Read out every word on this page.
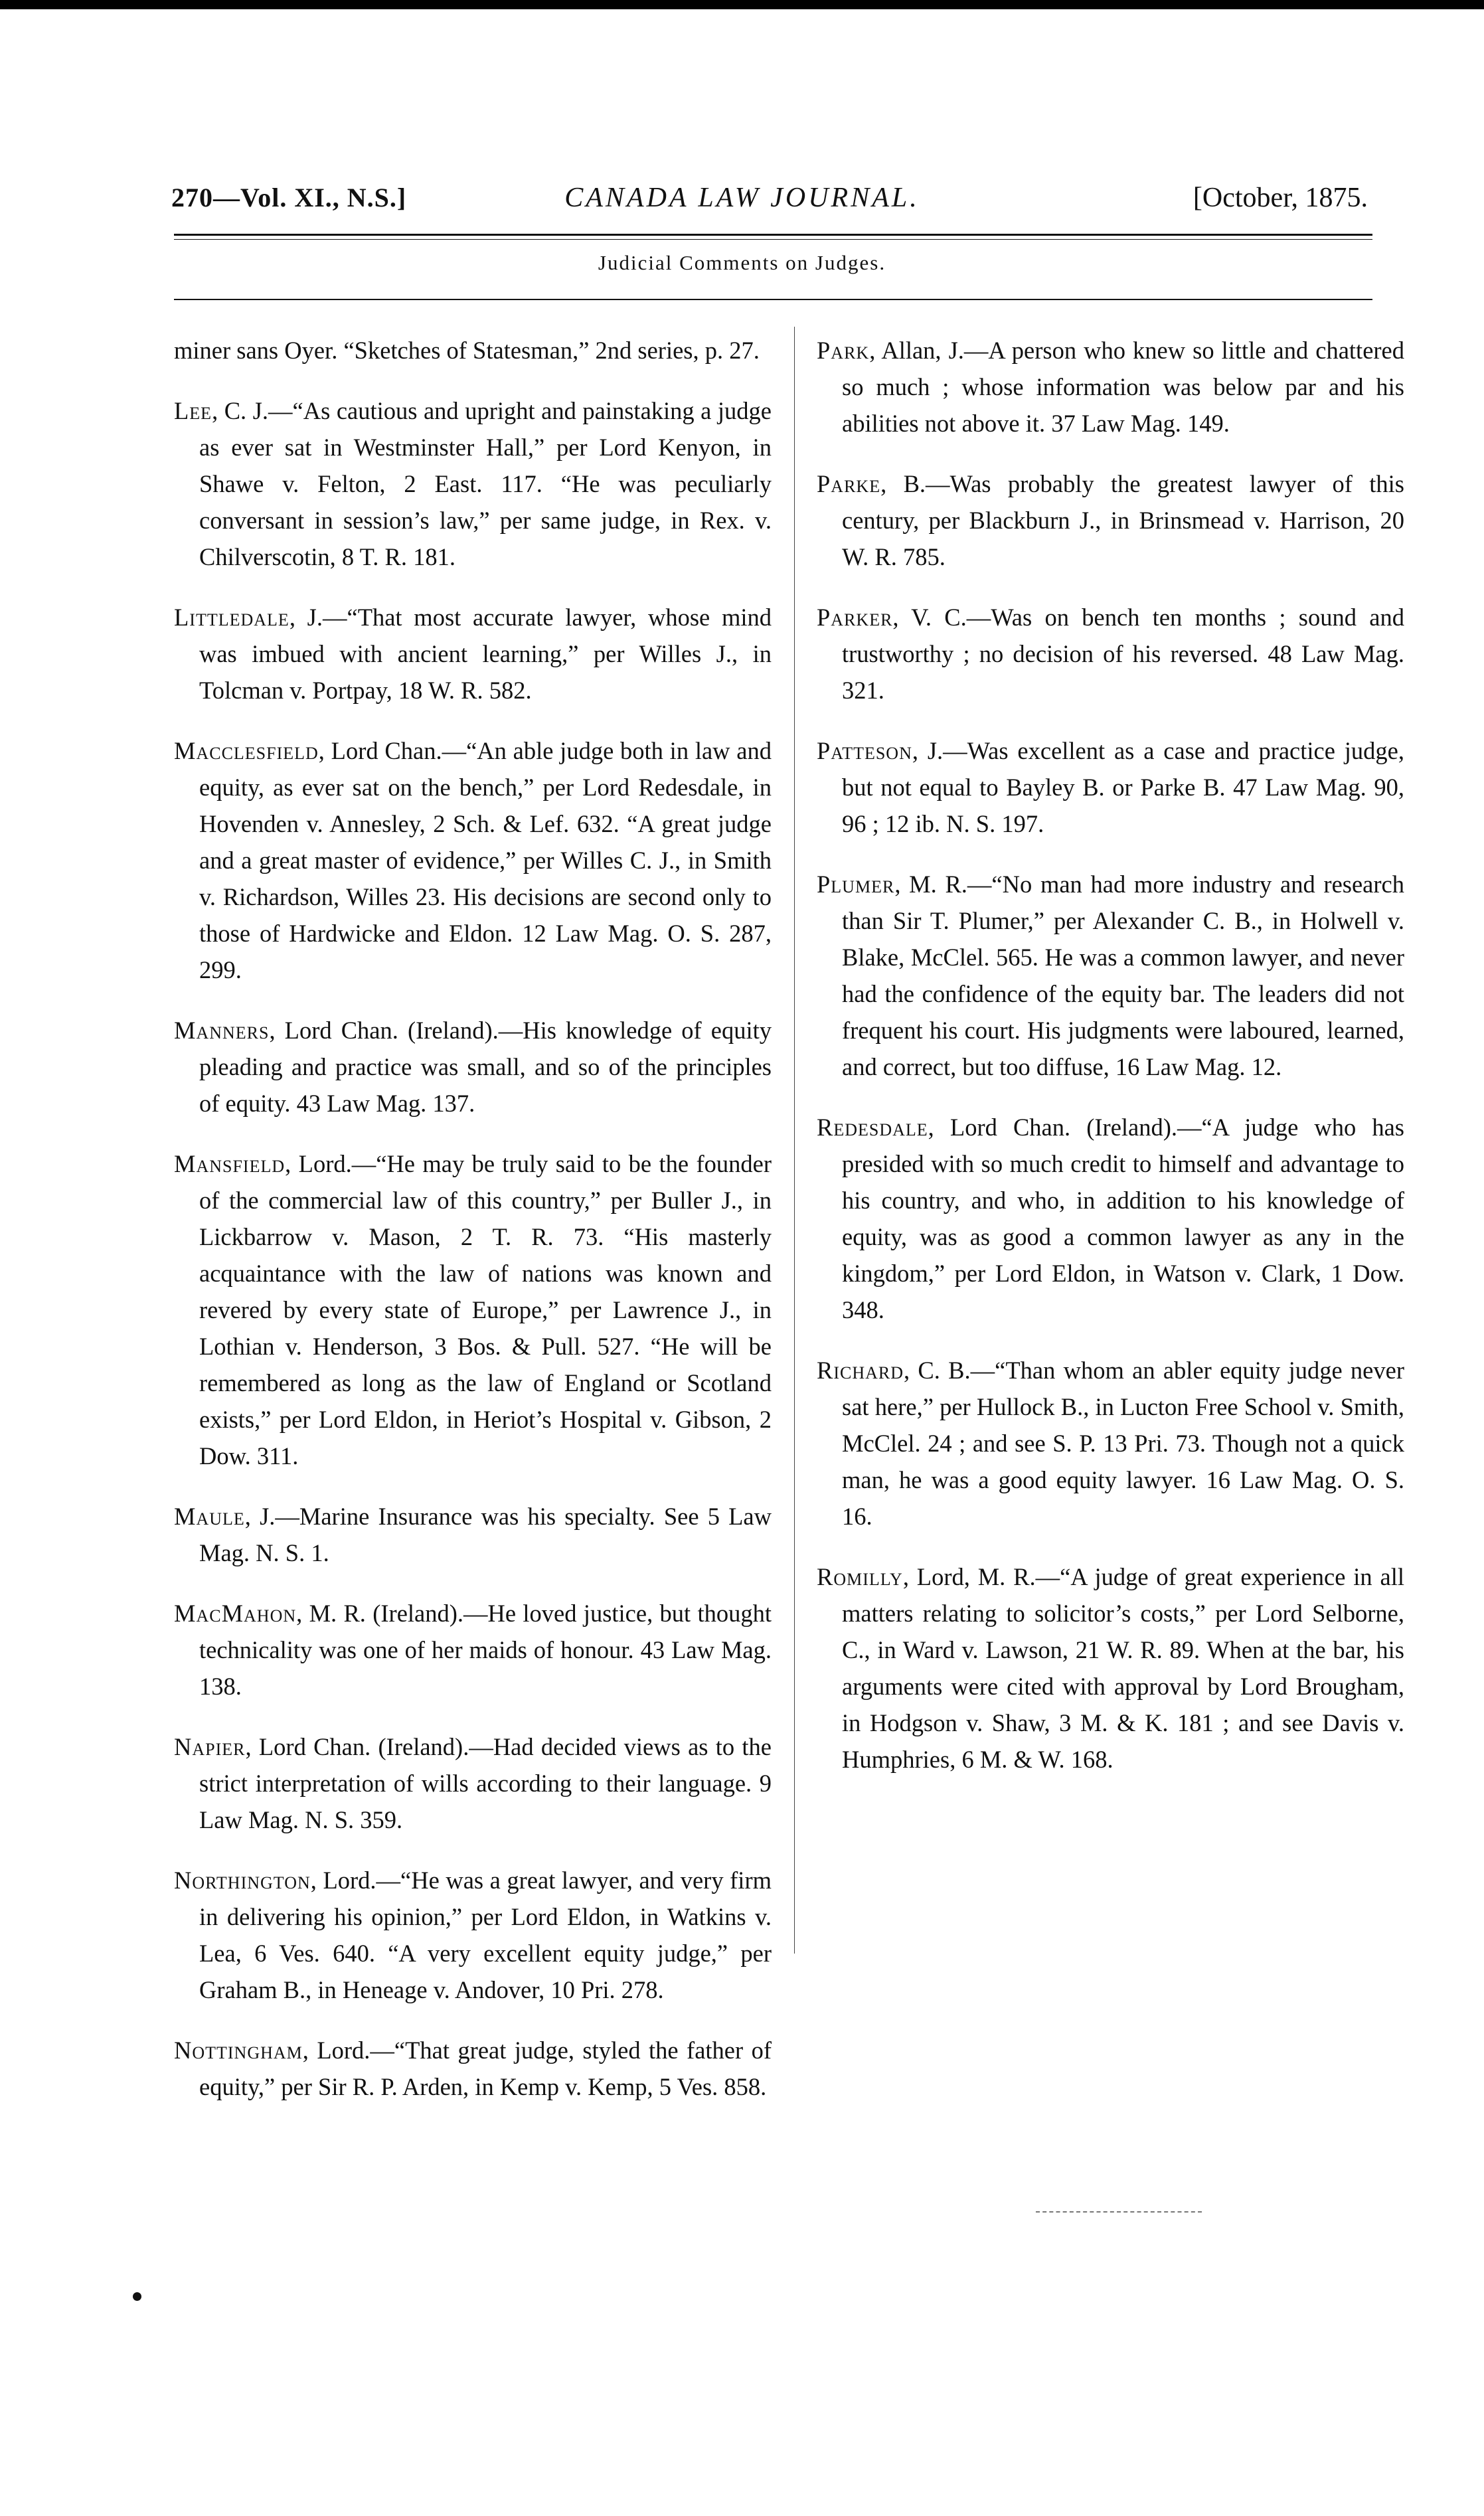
270—Vol. XI., N.S.]	CANADA LAW JOURNAL.	[October, 1875.
Judicial Comments on Judges.

miner sans Oyer. “Sketches of Statesman,” 2nd series, p. 27.

Lee, C. J.—“As cautious and upright and painstaking a judge as ever sat in Westminster Hall,” per Lord Kenyon, in Shawe v. Felton, 2 East. 117. “He was peculiarly conversant in session’s law,” per same judge, in Rex. v. Chilverscotin, 8 T. R. 181.

Littledale, J.—“That most accurate lawyer, whose mind was imbued with ancient learning,” per Willes J., in Tolcman v. Portpay, 18 W. R. 582.

Macclesfield, Lord Chan.—“An able judge both in law and equity, as ever sat on the bench,” per Lord Redesdale, in Hovenden v. Annesley, 2 Sch. & Lef. 632. “A great judge and a great master of evidence,” per Willes C. J., in Smith v. Richardson, Willes 23. His decisions are second only to those of Hardwicke and Eldon. 12 Law Mag. O. S. 287, 299.

Manners, Lord Chan. (Ireland).—His knowledge of equity pleading and practice was small, and so of the principles of equity. 43 Law Mag. 137.

Mansfield, Lord.—“He may be truly said to be the founder of the commercial law of this country,” per Buller J., in Lickbarrow v. Mason, 2 T. R. 73. “His masterly acquaintance with the law of nations was known and revered by every state of Europe,” per Lawrence J., in Lothian v. Henderson, 3 Bos. & Pull. 527. “He will be remembered as long as the law of England or Scotland exists,” per Lord Eldon, in Heriot’s Hospital v. Gibson, 2 Dow. 311.

Maule, J.—Marine Insurance was his specialty. See 5 Law Mag. N. S. 1.

MacMahon, M. R. (Ireland).—He loved justice, but thought technicality was one of her maids of honour. 43 Law Mag. 138.

Napier, Lord Chan. (Ireland).—Had decided views as to the strict interpretation of wills according to their language. 9 Law Mag. N. S. 359.

Northington, Lord.—“He was a great lawyer, and very firm in delivering his opinion,” per Lord Eldon, in Watkins v. Lea, 6 Ves. 640. “A very excellent equity judge,” per Graham B., in Heneage v. Andover, 10 Pri. 278.

Nottingham, Lord.—“That great judge, styled the father of equity,” per Sir R. P. Arden, in Kemp v. Kemp, 5 Ves. 858.

Park, Allan, J.—A person who knew so little and chattered so much ; whose information was below par and his abilities not above it. 37 Law Mag. 149.

Parke, B.—Was probably the greatest lawyer of this century, per Blackburn J., in Brinsmead v. Harrison, 20 W. R. 785.

Parker, V. C.—Was on bench ten months ; sound and trustworthy ; no decision of his reversed. 48 Law Mag. 321.

Patteson, J.—Was excellent as a case and practice judge, but not equal to Bayley B. or Parke B. 47 Law Mag. 90, 96 ; 12 ib. N. S. 197.

Plumer, M. R.—“No man had more industry and research than Sir T. Plumer,” per Alexander C. B., in Holwell v. Blake, McClel. 565. He was a common lawyer, and never had the confidence of the equity bar. The leaders did not frequent his court. His judgments were laboured, learned, and correct, but too diffuse, 16 Law Mag. 12.

Redesdale, Lord Chan. (Ireland).—“A judge who has presided with so much credit to himself and advantage to his country, and who, in addition to his knowledge of equity, was as good a common lawyer as any in the kingdom,” per Lord Eldon, in Watson v. Clark, 1 Dow. 348.

Richard, C. B.—“Than whom an abler equity judge never sat here,” per Hullock B., in Lucton Free School v. Smith, McClel. 24 ; and see S. P. 13 Pri. 73. Though not a quick man, he was a good equity lawyer. 16 Law Mag. O. S. 16.

Romilly, Lord, M. R.—“A judge of great experience in all matters relating to solicitor’s costs,” per Lord Selborne, C., in Ward v. Lawson, 21 W. R. 89. When at the bar, his arguments were cited with approval by Lord Brougham, in Hodgson v. Shaw, 3 M. & K. 181 ; and see Davis v. Humphries, 6 M. & W. 168.
